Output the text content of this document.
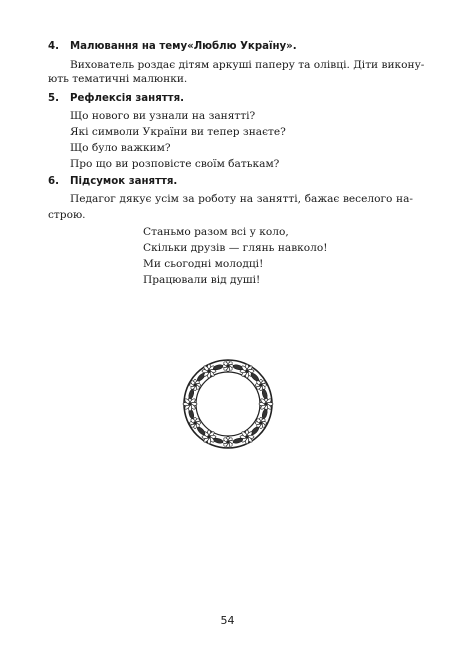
4. Малювання на тему«Люблю Україну».

Вихователь роздає дітям аркуші паперу та олівці. Діти викону-

ють тематичні малюнки.

5. Рефлексія заняття.

Що нового ви узнали на занятті?

Які символи України ви тепер знаєте?

Що було важким?

Про що ви розповісте своїм батькам?

6. Підсумок заняття.

Педагог дякує усім за роботу на занятті, бажає веселого на-

строю.

Станьмо разом всі у коло,

Скільки друзів — глянь навколо!

Ми сьогодні молодці!

Працювали від душі!

54
